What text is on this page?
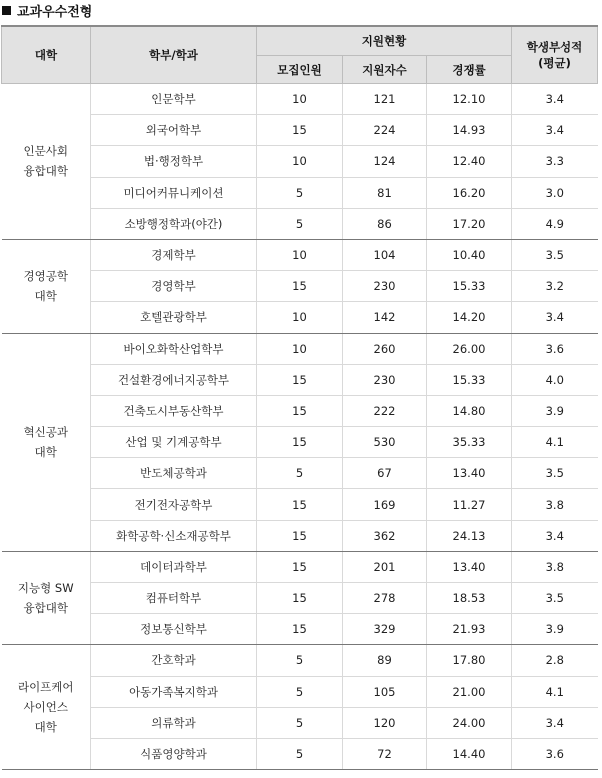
교과우수전형
대학	학부/학과	지원현황			학생부성적
(평균)

		모집인원	지원자수	경쟁률	
인문사회
융합대학	인문학부	10	121	12.10	3.4
	외국어학부	15	224	14.93	3.4
	법·행정학부	10	124	12.40	3.3
	미디어커뮤니케이션	5	81	16.20	3.0
	소방행정학과(야간)	5	86	17.20	4.9
경영공학
대학	경제학부	10	104	10.40	3.5
	경영학부	15	230	15.33	3.2
	호텔관광학부	10	142	14.20	3.4
혁신공과
대학	바이오화학산업학부	10	260	26.00	3.6
	건설환경에너지공학부	15	230	15.33	4.0
	건축도시부동산학부	15	222	14.80	3.9
	산업 및 기계공학부	15	530	35.33	4.1
	반도체공학과	5	67	13.40	3.5
	전기전자공학부	15	169	11.27	3.8
	화학공학·신소재공학부	15	362	24.13	3.4
지능형 SW
융합대학	데이터과학부	15	201	13.40	3.8
	컴퓨터학부	15	278	18.53	3.5
	정보통신학부	15	329	21.93	3.9
라이프케어
사이언스
대학	간호학과	5	89	17.80	2.8
	아동가족복지학과	5	105	21.00	4.1
	의류학과	5	120	24.00	3.4
	식품영양학과	5	72	14.40	3.6
